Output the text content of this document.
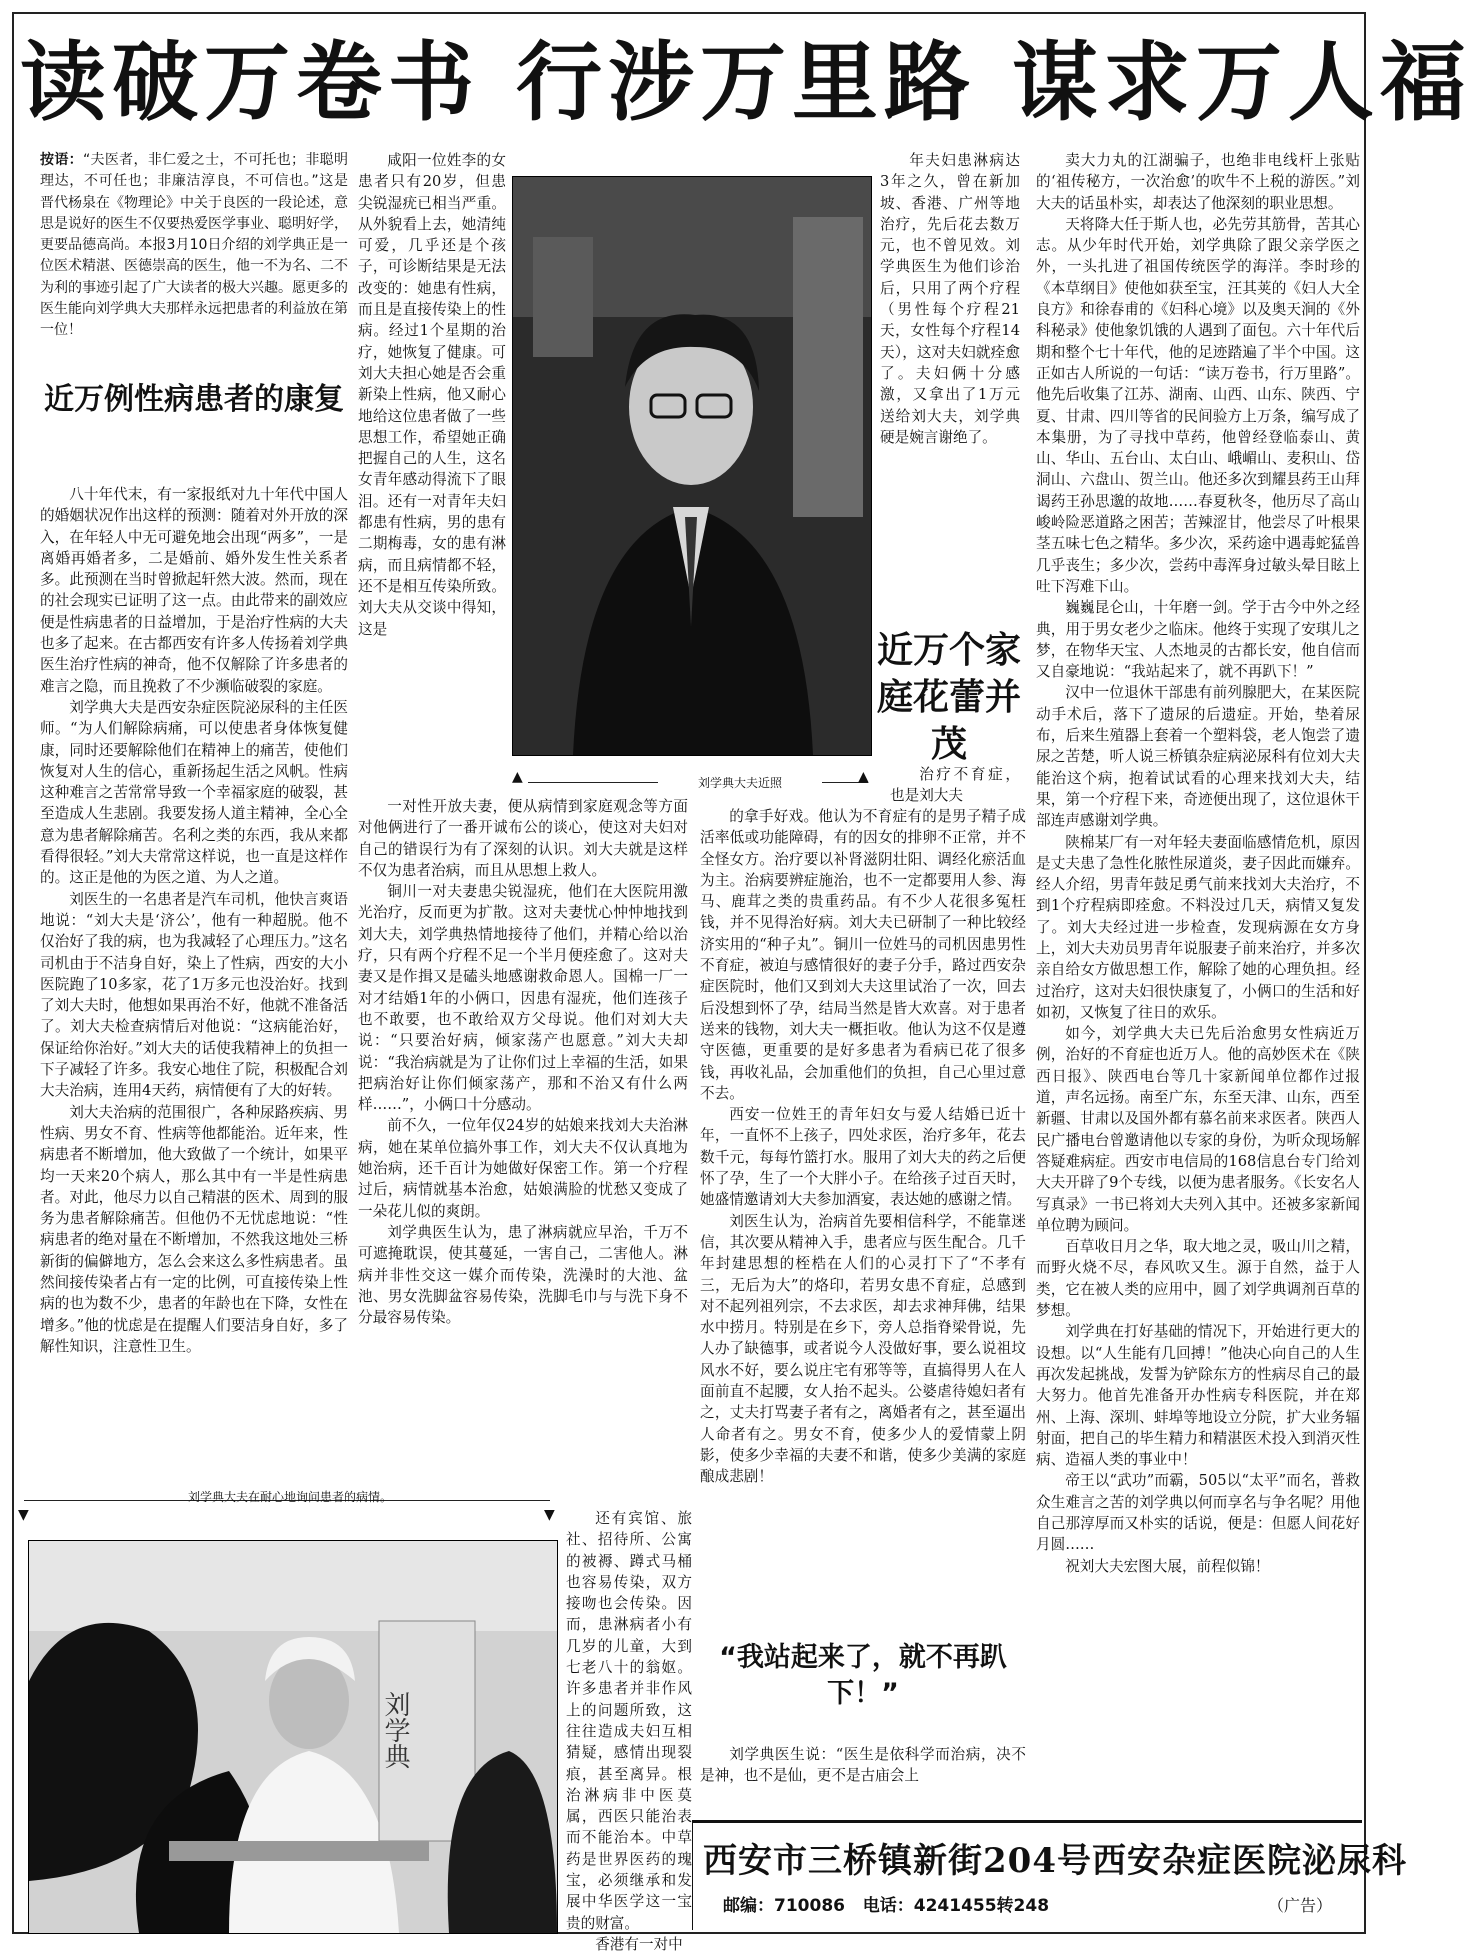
读破万卷书 行涉万里路 谋求万人福
按语：“夫医者，非仁爱之士，不可托也；非聪明理达，不可任也；非廉洁淳良，不可信也。”这是晋代杨泉在《物理论》中关于良医的一段论述，意思是说好的医生不仅要热爱医学事业、聪明好学，更要品德高尚。本报3月10日介绍的刘学典正是一位医术精湛、医德崇高的医生，他一不为名、二不为利的事迹引起了广大读者的极大兴趣。愿更多的医生能向刘学典大夫那样永远把患者的利益放在第一位！
近万例性病患者的康复

八十年代末，有一家报纸对九十年代中国人的婚姻状况作出这样的预测：随着对外开放的深入，在年轻人中无可避免地会出现“两多”，一是离婚再婚者多，二是婚前、婚外发生性关系者多。此预测在当时曾掀起轩然大波。然而，现在的社会现实已证明了这一点。由此带来的副效应便是性病患者的日益增加，于是治疗性病的大夫也多了起来。在古都西安有许多人传扬着刘学典医生治疗性病的神奇，他不仅解除了许多患者的难言之隐，而且挽救了不少濒临破裂的家庭。

刘学典大夫是西安杂症医院泌尿科的主任医师。“为人们解除病痛，可以使患者身体恢复健康，同时还要解除他们在精神上的痛苦，使他们恢复对人生的信心，重新扬起生活之风帆。性病这种难言之苦常常导致一个幸福家庭的破裂，甚至造成人生悲剧。我要发扬人道主精神，全心全意为患者解除痛苦。名利之类的东西，我从来都看得很轻。”刘大夫常常这样说，也一直是这样作的。这正是他的为医之道、为人之道。

刘医生的一名患者是汽车司机，他快言爽语地说：“刘大夫是‘济公’，他有一种超脱。他不仅治好了我的病，也为我减轻了心理压力。”这名司机由于不洁身自好，染上了性病，西安的大小医院跑了10多家，花了1万多元也没治好。找到了刘大夫时，他想如果再治不好，他就不准备活了。刘大夫检查病情后对他说：“这病能治好，保证给你治好。”刘大夫的话使我精神上的负担一下子减轻了许多。我安心地住了院，积极配合刘大夫治病，连用4天药，病情便有了大的好转。

刘大夫治病的范围很广，各种尿路疾病、男性病、男女不育、性病等他都能治。近年来，性病患者不断增加，他大致做了一个统计，如果平均一天来20个病人，那么其中有一半是性病患者。对此，他尽力以自己精湛的医术、周到的服务为患者解除痛苦。但他仍不无忧虑地说：“性病患者的绝对量在不断增加，不然我这地处三桥新街的偏僻地方，怎么会来这么多性病患者。虽然间接传染者占有一定的比例，可直接传染上性病的也为数不少，患者的年龄也在下降，女性在增多。”他的忧虑是在提醒人们要洁身自好，多了解性知识，注意性卫生。

咸阳一位姓李的女患者只有20岁，但患尖锐湿疣已相当严重。从外貌看上去，她清纯可爱，几乎还是个孩子，可诊断结果是无法改变的：她患有性病，而且是直接传染上的性病。经过1个星期的治疗，她恢复了健康。可刘大夫担心她是否会重新染上性病，他又耐心地给这位患者做了一些思想工作，希望她正确把握自己的人生，这名女青年感动得流下了眼泪。还有一对青年夫妇都患有性病，男的患有二期梅毒，女的患有淋病，而且病情都不轻，还不是相互传染所致。刘大夫从交谈中得知，这是

▲	刘学典大夫近照	▲

一对性开放夫妻，便从病情到家庭观念等方面对他俩进行了一番开诚布公的谈心，使这对夫妇对自己的错误行为有了深刻的认识。刘大夫就是这样不仅为患者治病，而且从思想上救人。

铜川一对夫妻患尖锐湿疣，他们在大医院用激光治疗，反而更为扩散。这对夫妻忧心忡忡地找到刘大夫，刘学典热情地接待了他们，并精心给以治疗，只有两个疗程不足一个半月便痊愈了。这对夫妻又是作揖又是磕头地感谢救命恩人。国棉一厂一对才结婚1年的小俩口，因患有湿疣，他们连孩子也不敢要，也不敢给双方父母说。他们对刘大夫说：“只要治好病，倾家荡产也愿意。”刘大夫却说：“我治病就是为了让你们过上幸福的生活，如果把病治好让你们倾家荡产，那和不治又有什么两样……”，小俩口十分感动。

前不久，一位年仅24岁的姑娘来找刘大夫治淋病，她在某单位搞外事工作，刘大夫不仅认真地为她治病，还千百计为她做好保密工作。第一个疗程过后，病情就基本治愈，姑娘满脸的忧愁又变成了一朵花儿似的爽朗。

刘学典医生认为，患了淋病就应早治，千万不可遮掩耽误，使其蔓延，一害自己，二害他人。淋病并非性交这一媒介而传染，洗澡时的大池、盆池、男女洗脚盆容易传染，洗脚毛巾与与洗下身不分最容易传染。

▼
刘学典大夫在耐心地询问患者的病情。
▼
刘学典

还有宾馆、旅社、招待所、公寓的被褥、蹲式马桶也容易传染，双方接吻也会传染。因而，患淋病者小有几岁的儿童，大到七老八十的翁妪。许多患者并非作风上的问题所致，这往往造成夫妇互相猜疑，感情出现裂痕，甚至离异。根治淋病非中医莫属，西医只能治表而不能治本。中草药是世界医药的瑰宝，必须继承和发展中华医学这一宝贵的财富。

香港有一对中

年夫妇患淋病达3年之久，曾在新加坡、香港、广州等地治疗，先后花去数万元，也不曾见效。刘学典医生为他们诊治后，只用了两个疗程（男性每个疗程21天，女性每个疗程14天），这对夫妇就痊愈了。夫妇俩十分感激，又拿出了1万元送给刘大夫，刘学典硬是婉言谢绝了。

近万个家庭花蕾并茂

治疗不育症，也是刘大夫

的拿手好戏。他认为不育症有的是男子精子成活率低或功能障碍，有的因女的排卵不正常，并不全怪女方。治疗要以补肾滋阴壮阳、调经化瘀活血为主。治病要辨症施治，也不一定都要用人参、海马、鹿茸之类的贵重药品。有不少人花很多冤枉钱，并不见得治好病。刘大夫已研制了一种比较经济实用的“种子丸”。铜川一位姓马的司机因患男性不育症，被迫与感情很好的妻子分手，路过西安杂症医院时，他们又到刘大夫这里试治了一次，回去后没想到怀了孕，结局当然是皆大欢喜。对于患者送来的钱物，刘大夫一概拒收。他认为这不仅是遵守医德，更重要的是好多患者为看病已花了很多钱，再收礼品，会加重他们的负担，自己心里过意不去。

西安一位姓王的青年妇女与爱人结婚已近十年，一直怀不上孩子，四处求医，治疗多年，花去数千元，每每竹篮打水。服用了刘大夫的药之后便怀了孕，生了一个大胖小子。在给孩子过百天时，她盛情邀请刘大夫参加酒宴，表达她的感谢之情。

刘医生认为，治病首先要相信科学，不能靠迷信，其次要从精神入手，患者应与医生配合。几千年封建思想的桎梏在人们的心灵打下了“不孝有三，无后为大”的烙印，若男女患不育症，总感到对不起列祖列宗，不去求医，却去求神拜佛，结果水中捞月。特别是在乡下，旁人总指脊梁骨说，先人办了缺德事，或者说今人没做好事，要么说祖坟风水不好，要么说庄宅有邪等等，直搞得男人在人面前直不起腰，女人抬不起头。公婆虐待媳妇者有之，丈夫打骂妻子者有之，离婚者有之，甚至逼出人命者有之。男女不育，使多少人的爱情蒙上阴影，使多少幸福的夫妻不和谐，使多少美满的家庭酿成悲剧！

“我站起来了，就不再趴下！”

刘学典医生说：“医生是依科学而治病，决不是神，也不是仙，更不是古庙会上

卖大力丸的江湖骗子，也绝非电线杆上张贴的‘祖传秘方，一次治愈’的吹牛不上税的游医。”刘大夫的话虽朴实，却表达了他深刻的职业思想。

天将降大任于斯人也，必先劳其筋骨，苦其心志。从少年时代开始，刘学典除了跟父亲学医之外，一头扎进了祖国传统医学的海洋。李时珍的《本草纲目》使他如获至宝，汪其荚的《妇人大全良方》和徐春甫的《妇科心境》以及奥天涧的《外科秘录》使他象饥饿的人遇到了面包。六十年代后期和整个七十年代，他的足迹踏遍了半个中国。这正如古人所说的一句话：“读万卷书，行万里路”。他先后收集了江苏、湖南、山西、山东、陕西、宁夏、甘肃、四川等省的民间验方上万条，编写成了本集册，为了寻找中草药，他曾经登临泰山、黄山、华山、五台山、太白山、峨嵋山、麦积山、岱洞山、六盘山、贺兰山。他还多次到耀县药王山拜谒药王孙思邈的故地……春夏秋冬，他历尽了高山峻岭险恶道路之困苦；苦辣涩甘，他尝尽了叶根果茎五味七色之精华。多少次，采药途中遇毒蛇猛兽几乎丧生；多少次，尝药中毒浑身过敏头晕目眩上吐下泻难下山。

巍巍昆仑山，十年磨一剑。学于古今中外之经典，用于男女老少之临床。他终于实现了安琪儿之梦，在物华天宝、人杰地灵的古都长安，他自信而又自豪地说：“我站起来了，就不再趴下！”

汉中一位退休干部患有前列腺肥大，在某医院动手术后，落下了遗尿的后遗症。开始，垫着尿布，后来生殖器上套着一个塑料袋，老人饱尝了遗尿之苦楚，听人说三桥镇杂症病泌尿科有位刘大夫能治这个病，抱着试试看的心理来找刘大夫，结果，第一个疗程下来，奇迹便出现了，这位退休干部连声感谢刘学典。

陕棉某厂有一对年轻夫妻面临感情危机，原因是丈夫患了急性化脓性尿道炎，妻子因此而嫌弃。经人介绍，男青年鼓足勇气前来找刘大夫治疗，不到1个疗程病即痊愈。不料没过几天，病情又复发了。刘大夫经过进一步检查，发现病源在女方身上，刘大夫劝员男青年说服妻子前来治疗，并多次亲自给女方做思想工作，解除了她的心理负担。经过治疗，这对夫妇很快康复了，小俩口的生活和好如初，又恢复了往日的欢乐。

如今，刘学典大夫已先后治愈男女性病近万例，治好的不育症也近万人。他的高妙医术在《陕西日报》、陕西电台等几十家新闻单位都作过报道，声名远扬。南至广东，东至天津、山东，西至新疆、甘肃以及国外都有慕名前来求医者。陕西人民广播电台曾邀请他以专家的身份，为听众现场解答疑难病症。西安市电信局的168信息台专门给刘大夫开辟了9个专线，以便为患者服务。《长安名人写真录》一书已将刘大夫列入其中。还被多家新闻单位聘为顾问。

百草收日月之华，取大地之灵，吸山川之精，而野火烧不尽，春风吹又生。源于自然，益于人类，它在被人类的应用中，圆了刘学典调剂百草的梦想。

刘学典在打好基础的情况下，开始进行更大的设想。以“人生能有几回搏！”他决心向自己的人生再次发起挑战，发誓为铲除东方的性病尽自己的最大努力。他首先准备开办性病专科医院，并在郑州、上海、深圳、蚌埠等地设立分院，扩大业务辐射面，把自己的毕生精力和精湛医术投入到消灭性病、造福人类的事业中！

帝王以“武功”而霸，505以“太平”而名，普救众生难言之苦的刘学典以何而享名与争名呢？用他自己那淳厚而又朴实的话说，便是：但愿人间花好月圆……

祝刘大夫宏图大展，前程似锦！

西安市三桥镇新街204号西安杂症医院泌尿科
邮编：710086 电话：4241455转248	（广告）
